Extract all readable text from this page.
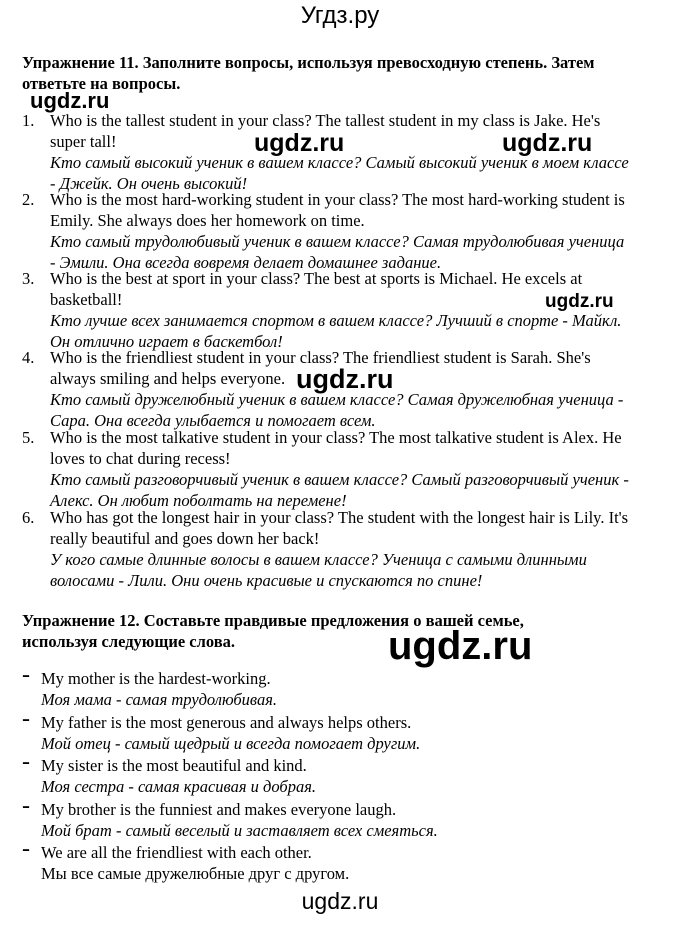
Угдз.ру
ugdz.ru
ugdz.ru	ugdz.ru
ugdz.ru
ugdz.ru
ugdz.ru
Упражнение 11. Заполните вопросы, используя превосходную степень. Затем ответьте на вопросы.
1. Who is the tallest student in your class? The tallest student in my class is Jake. He's super tall!
Кто самый высокий ученик в вашем классе? Самый высокий ученик в моем классе - Джейк. Он очень высокий!
2. Who is the most hard-working student in your class? The most hard-working student is Emily. She always does her homework on time.
Кто самый трудолюбивый ученик в вашем классе? Самая трудолюбивая ученица - Эмили. Она всегда вовремя делает домашнее задание.
3. Who is the best at sport in your class? The best at sports is Michael. He excels at basketball!
Кто лучше всех занимается спортом в вашем классе? Лучший в спорте - Майкл. Он отлично играет в баскетбол!
4. Who is the friendliest student in your class? The friendliest student is Sarah. She's always smiling and helps everyone.
Кто самый дружелюбный ученик в вашем классе? Самая дружелюбная ученица - Сара. Она всегда улыбается и помогает всем.
5. Who is the most talkative student in your class? The most talkative student is Alex. He loves to chat during recess!
Кто самый разговорчивый ученик в вашем классе? Самый разговорчивый ученик - Алекс. Он любит поболтать на перемене!
6. Who has got the longest hair in your class? The student with the longest hair is Lily. It's really beautiful and goes down her back!
У кого самые длинные волосы в вашем классе? Ученица с самыми длинными волосами - Лили. Они очень красивые и спускаются по спине!
Упражнение 12. Составьте правдивые предложения о вашей семье, используя следующие слова.
- My mother is the hardest-working.
Моя мама - самая трудолюбивая.
- My father is the most generous and always helps others.
Мой отец - самый щедрый и всегда помогает другим.
- My sister is the most beautiful and kind.
Моя сестра - самая красивая и добрая.
- My brother is the funniest and makes everyone laugh.
Мой брат - самый веселый и заставляет всех смеяться.
- We are all the friendliest with each other.
Мы все самые дружелюбные друг с другом.
ugdz.ru
